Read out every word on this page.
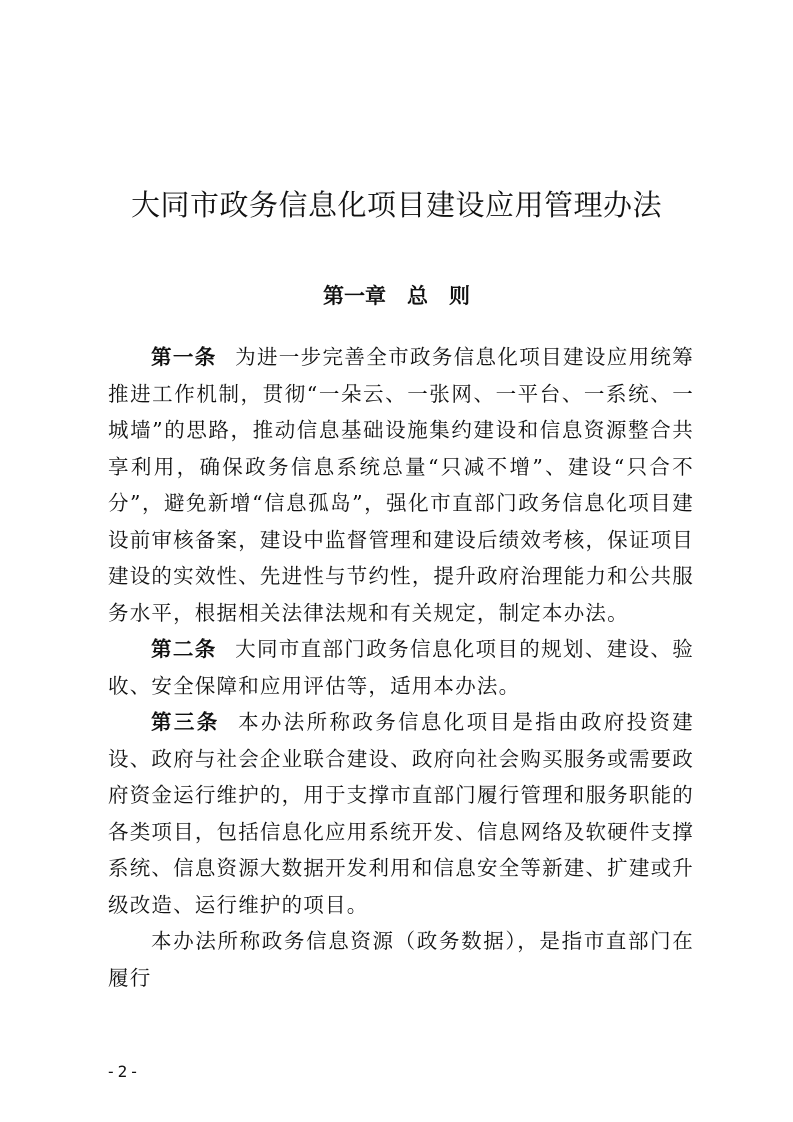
大同市政务信息化项目建设应用管理办法
第一章　总　则

第一条 为进一步完善全市政务信息化项目建设应用统筹推进工作机制，贯彻“一朵云、一张网、一平台、一系统、一城墙”的思路，推动信息基础设施集约建设和信息资源整合共享利用，确保政务信息系统总量“只减不增”、建设“只合不分”，避免新增“信息孤岛”，强化市直部门政务信息化项目建设前审核备案，建设中监督管理和建设后绩效考核，保证项目建设的实效性、先进性与节约性，提升政府治理能力和公共服务水平，根据相关法律法规和有关规定，制定本办法。

第二条 大同市直部门政务信息化项目的规划、建设、验收、安全保障和应用评估等，适用本办法。

第三条 本办法所称政务信息化项目是指由政府投资建设、政府与社会企业联合建设、政府向社会购买服务或需要政府资金运行维护的，用于支撑市直部门履行管理和服务职能的各类项目，包括信息化应用系统开发、信息网络及软硬件支撑系统、信息资源大数据开发利用和信息安全等新建、扩建或升级改造、运行维护的项目。

本办法所称政务信息资源（政务数据），是指市直部门在履行

-2-
